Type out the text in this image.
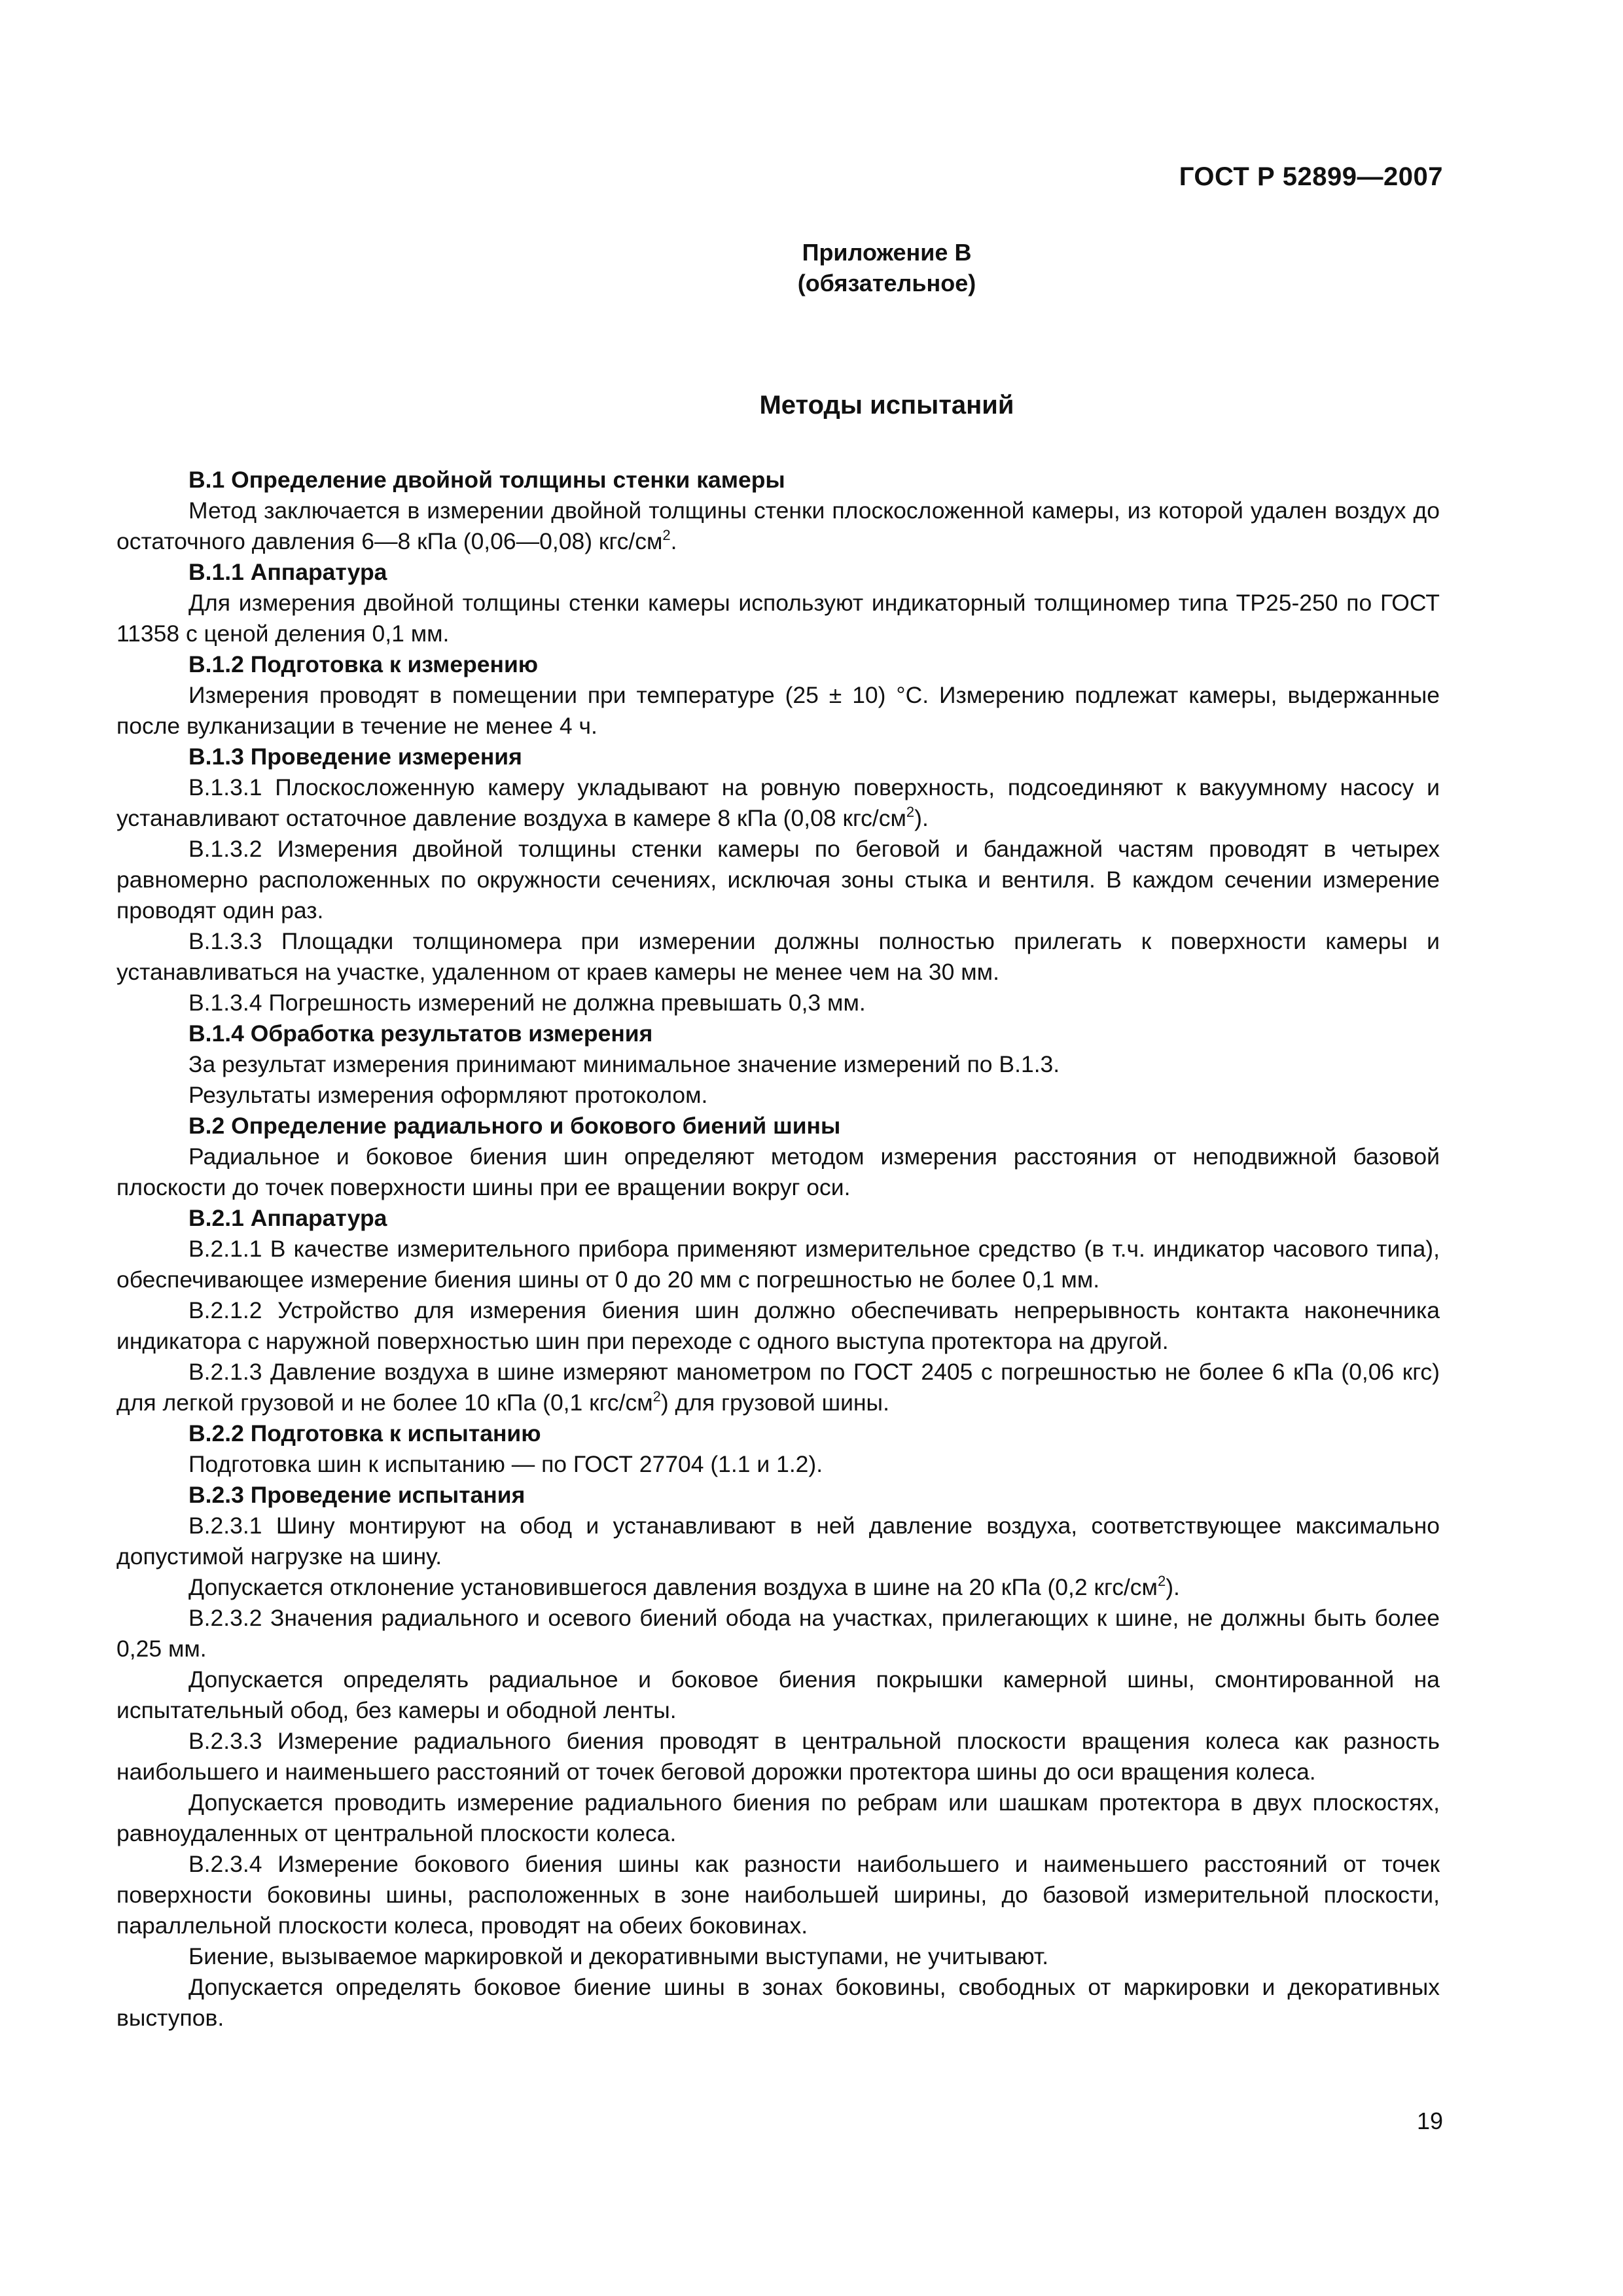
ГОСТ Р 52899—2007
Приложение В
(обязательное)
Методы испытаний

В.1 Определение двойной толщины стенки камеры

Метод заключается в измерении двойной толщины стенки плоскосложенной камеры, из которой удален воздух до остаточного давления 6—8 кПа (0,06—0,08) кгс/$см^2$.

В.1.1 Аппаратура

Для измерения двойной толщины стенки камеры используют индикаторный толщиномер типа ТР25-250 по ГОСТ 11358 с ценой деления 0,1 мм.

В.1.2 Подготовка к измерению

Измерения проводят в помещении при температуре (25 ± 10) °С. Измерению подлежат камеры, выдержанные после вулканизации в течение не менее 4 ч.

В.1.3 Проведение измерения

В.1.3.1 Плоскосложенную камеру укладывают на ровную поверхность, подсоединяют к вакуумному насосу и устанавливают остаточное давление воздуха в камере 8 кПа (0,08 кгс/$см^2$).

В.1.3.2 Измерения двойной толщины стенки камеры по беговой и бандажной частям проводят в четырех равномерно расположенных по окружности сечениях, исключая зоны стыка и вентиля. В каждом сечении измерение проводят один раз.

В.1.3.3 Площадки толщиномера при измерении должны полностью прилегать к поверхности камеры и устанавливаться на участке, удаленном от краев камеры не менее чем на 30 мм.

В.1.3.4 Погрешность измерений не должна превышать 0,3 мм.

В.1.4 Обработка результатов измерения

За результат измерения принимают минимальное значение измерений по В.1.3.

Результаты измерения оформляют протоколом.

В.2 Определение радиального и бокового биений шины

Радиальное и боковое биения шин определяют методом измерения расстояния от неподвижной базовой плоскости до точек поверхности шины при ее вращении вокруг оси.

В.2.1 Аппаратура

В.2.1.1 В качестве измерительного прибора применяют измерительное средство (в т.ч. индикатор часового типа), обеспечивающее измерение биения шины от 0 до 20 мм с погрешностью не более 0,1 мм.

В.2.1.2 Устройство для измерения биения шин должно обеспечивать непрерывность контакта наконечника индикатора с наружной поверхностью шин при переходе с одного выступа протектора на другой.

В.2.1.3 Давление воздуха в шине измеряют манометром по ГОСТ 2405 с погрешностью не более 6 кПа (0,06 кгс) для легкой грузовой и не более 10 кПа (0,1 кгс/$см^2$) для грузовой шины.

В.2.2 Подготовка к испытанию

Подготовка шин к испытанию — по ГОСТ 27704 (1.1 и 1.2).

В.2.3 Проведение испытания

В.2.3.1 Шину монтируют на обод и устанавливают в ней давление воздуха, соответствующее максимально допустимой нагрузке на шину.

Допускается отклонение установившегося давления воздуха в шине на 20 кПа (0,2 кгс/$см^2$).

В.2.3.2 Значения радиального и осевого биений обода на участках, прилегающих к шине, не должны быть более 0,25 мм.

Допускается определять радиальное и боковое биения покрышки камерной шины, смонтированной на испытательный обод, без камеры и ободной ленты.

В.2.3.3 Измерение радиального биения проводят в центральной плоскости вращения колеса как разность наибольшего и наименьшего расстояний от точек беговой дорожки протектора шины до оси вращения колеса.

Допускается проводить измерение радиального биения по ребрам или шашкам протектора в двух плоскостях, равноудаленных от центральной плоскости колеса.

В.2.3.4 Измерение бокового биения шины как разности наибольшего и наименьшего расстояний от точек поверхности боковины шины, расположенных в зоне наибольшей ширины, до базовой измерительной плоскости, параллельной плоскости колеса, проводят на обеих боковинах.

Биение, вызываемое маркировкой и декоративными выступами, не учитывают.

Допускается определять боковое биение шины в зонах боковины, свободных от маркировки и декоративных выступов.

19
